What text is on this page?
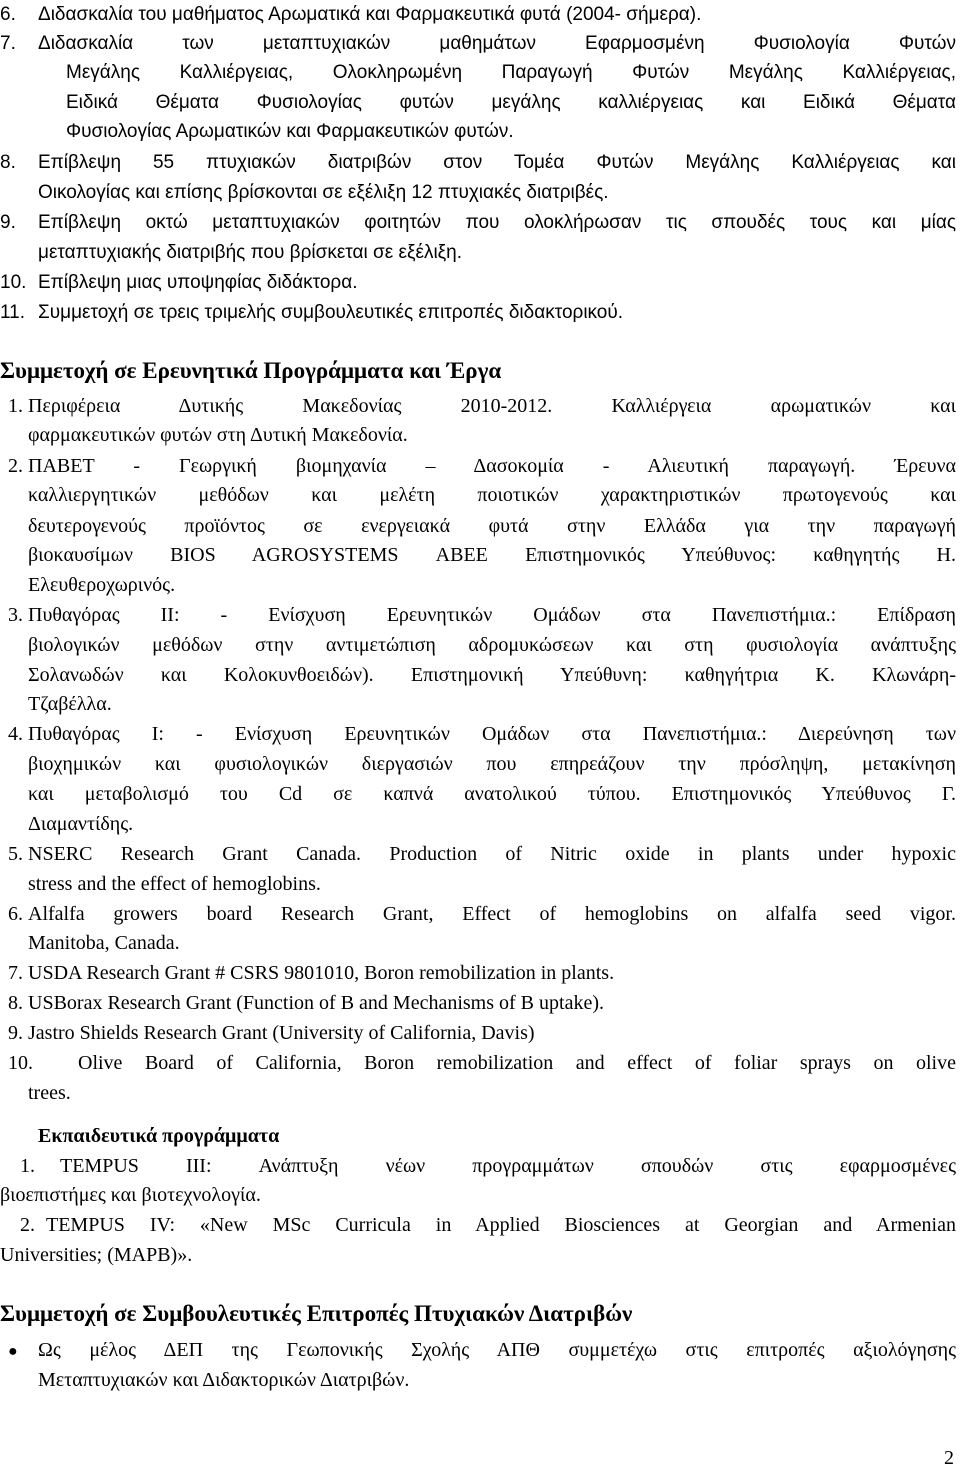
6. Διδασκαλία του μαθήματος Αρωματικά και Φαρμακευτικά φυτά (2004- σήμερα).
7. Διδασκαλία των μεταπτυχιακών μαθημάτων Εφαρμοσμένη Φυσιολογία Φυτών
Μεγάλης Καλλιέργειας, Ολοκληρωμένη Παραγωγή Φυτών Μεγάλης Καλλιέργειας,
Ειδικά Θέματα Φυσιολογίας φυτών μεγάλης καλλιέργειας και Ειδικά Θέματα
Φυσιολογίας Αρωματικών και Φαρμακευτικών φυτών.
8. Επίβλεψη 55 πτυχιακών διατριβών στον Τομέα Φυτών Μεγάλης Καλλιέργειας και
Οικολογίας και επίσης βρίσκονται σε εξέλιξη 12 πτυχιακές διατριβές.
9. Επίβλεψη οκτώ μεταπτυχιακών φοιτητών που ολοκλήρωσαν τις σπουδές τους και μίας
μεταπτυχιακής διατριβής που βρίσκεται σε εξέλιξη.
10. Επίβλεψη μιας υποψηφίας διδάκτορα.
11. Συμμετοχή σε τρεις τριμελής συμβουλευτικές επιτροπές διδακτορικού.
Συμμετοχή σε Ερευνητικά Προγράμματα και Έργα
1. Περιφέρεια Δυτικής Μακεδονίας 2010-2012. Καλλιέργεια αρωματικών και
φαρμακευτικών φυτών στη Δυτική Μακεδονία.
2. ΠΑΒΕΤ - Γεωργική βιομηχανία – Δασοκομία - Αλιευτική παραγωγή. Έρευνα
καλλιεργητικών μεθόδων και μελέτη ποιοτικών χαρακτηριστικών πρωτογενούς και
δευτερογενούς προϊόντος σε ενεργειακά φυτά στην Ελλάδα για την παραγωγή
βιοκαυσίμων BIOS AGROSYSTEMS ΑΒΕΕ Επιστημονικός Υπεύθυνος: καθηγητής Η.
Ελευθεροχωρινός.
3. Πυθαγόρας ΙΙ: - Ενίσχυση Ερευνητικών Ομάδων στα Πανεπιστήμια.: Επίδραση
βιολογικών μεθόδων στην αντιμετώπιση αδρομυκώσεων και στη φυσιολογία ανάπτυξης
Σολανωδών και Κολοκυνθοειδών). Επιστημονική Υπεύθυνη: καθηγήτρια Κ. Κλωνάρη-
Τζαβέλλα.
4. Πυθαγόρας Ι: - Ενίσχυση Ερευνητικών Ομάδων στα Πανεπιστήμια.: Διερεύνηση των
βιοχημικών και φυσιολογικών διεργασιών που επηρεάζουν την πρόσληψη, μετακίνηση
και μεταβολισμό του Cd σε καπνά ανατολικού τύπου. Επιστημονικός Υπεύθυνος Γ.
Διαμαντίδης.
5. NSERC Research Grant Canada. Production of Nitric oxide in plants under hypoxic
stress and the effect of hemoglobins.
6. Alfalfa growers board Research Grant, Effect of hemoglobins on alfalfa seed vigor.
Manitoba, Canada.
7. USDA Research Grant # CSRS 9801010, Boron remobilization in plants.
8. USBorax Research Grant (Function of B and Mechanisms of B uptake).
9. Jastro Shields Research Grant (University of California, Davis)
10. Olive Board of California, Boron remobilization and effect of foliar sprays on olive
trees.
Εκπαιδευτικά προγράμματα
1. TEMPUS III: Ανάπτυξη νέων προγραμμάτων σπουδών στις εφαρμοσμένες
βιοεπιστήμες και βιοτεχνολογία.
2. TEMPUS IV: «New MSc Curricula in Applied Biosciences at Georgian and Armenian
Universities; (MAPB)».
Συμμετοχή σε Συμβουλευτικές Επιτροπές Πτυχιακών Διατριβών
● Ως μέλος ΔΕΠ της Γεωπονικής Σχολής ΑΠΘ συμμετέχω στις επιτροπές αξιολόγησης
Μεταπτυχιακών και Διδακτορικών Διατριβών.
2
